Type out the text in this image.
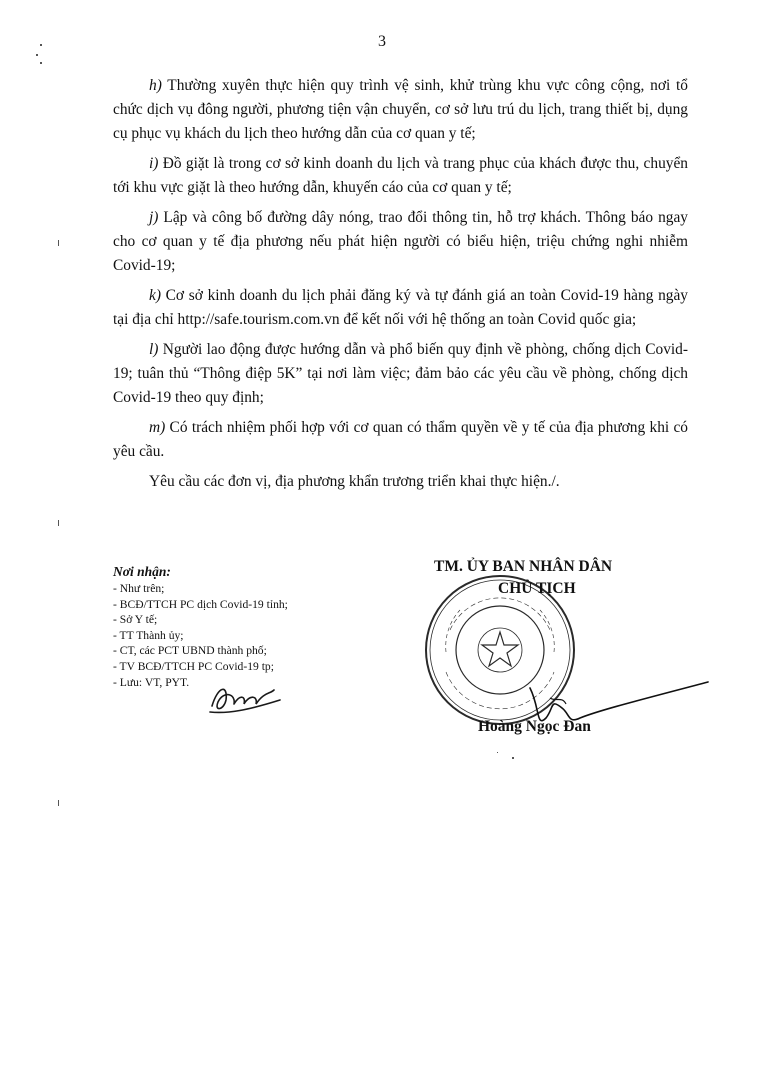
3

h) Thường xuyên thực hiện quy trình vệ sinh, khử trùng khu vực công cộng, nơi tổ chức dịch vụ đông người, phương tiện vận chuyển, cơ sở lưu trú du lịch, trang thiết bị, dụng cụ phục vụ khách du lịch theo hướng dẫn của cơ quan y tế;

i) Đồ giặt là trong cơ sở kinh doanh du lịch và trang phục của khách được thu, chuyển tới khu vực giặt là theo hướng dẫn, khuyến cáo của cơ quan y tế;

j) Lập và công bố đường dây nóng, trao đổi thông tin, hỗ trợ khách. Thông báo ngay cho cơ quan y tế địa phương nếu phát hiện người có biểu hiện, triệu chứng nghi nhiễm Covid-19;

k) Cơ sở kinh doanh du lịch phải đăng ký và tự đánh giá an toàn Covid-19 hàng ngày tại địa chỉ http://safe.tourism.com.vn để kết nối với hệ thống an toàn Covid quốc gia;

l) Người lao động được hướng dẫn và phổ biến quy định về phòng, chống dịch Covid-19; tuân thủ “Thông điệp 5K” tại nơi làm việc; đảm bảo các yêu cầu về phòng, chống dịch Covid-19 theo quy định;

m) Có trách nhiệm phối hợp với cơ quan có thẩm quyền về y tế của địa phương khi có yêu cầu.

Yêu cầu các đơn vị, địa phương khẩn trương triển khai thực hiện./.

Nơi nhận:
- Như trên;
- BCĐ/TTCH PC dịch Covid-19 tỉnh;
- Sở Y tế;
- TT Thành ủy;
- CT, các PCT UBND thành phố;
- TV BCĐ/TTCH PC Covid-19 tp;
- Lưu: VT, PYT.
TM. ỦY BAN NHÂN DÂN
CHỦ TỊCH
Hoàng Ngọc Đan
